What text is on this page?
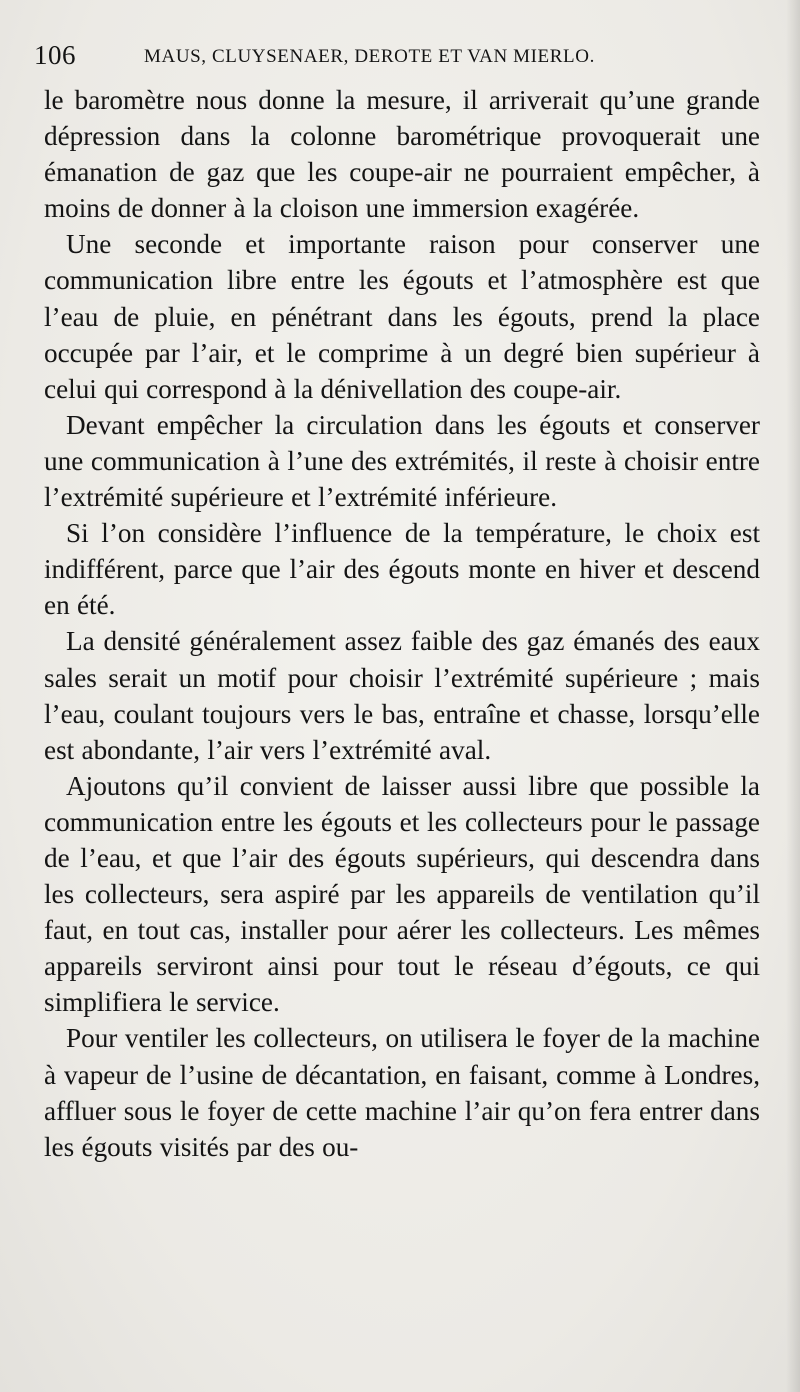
106	MAUS, CLUYSENAER, DEROTE ET VAN MIERLO.

le baromètre nous donne la mesure, il arriverait qu’une grande dépression dans la colonne barométrique provoquerait une émanation de gaz que les coupe-air ne pourraient empêcher, à moins de donner à la cloison une immersion exagérée.

Une seconde et importante raison pour conserver une communication libre entre les égouts et l’atmosphère est que l’eau de pluie, en pénétrant dans les égouts, prend la place occupée par l’air, et le comprime à un degré bien supérieur à celui qui correspond à la dénivellation des coupe-air.

Devant empêcher la circulation dans les égouts et conserver une communication à l’une des extrémités, il reste à choisir entre l’extrémité supérieure et l’extrémité inférieure.

Si l’on considère l’influence de la température, le choix est indifférent, parce que l’air des égouts monte en hiver et descend en été.

La densité généralement assez faible des gaz émanés des eaux sales serait un motif pour choisir l’extrémité supérieure ; mais l’eau, coulant toujours vers le bas, entraîne et chasse, lorsqu’elle est abondante, l’air vers l’extrémité aval.

Ajoutons qu’il convient de laisser aussi libre que possible la communication entre les égouts et les collecteurs pour le passage de l’eau, et que l’air des égouts supérieurs, qui descendra dans les collecteurs, sera aspiré par les appareils de ventilation qu’il faut, en tout cas, installer pour aérer les collecteurs. Les mêmes appareils serviront ainsi pour tout le réseau d’égouts, ce qui simplifiera le service.

Pour ventiler les collecteurs, on utilisera le foyer de la machine à vapeur de l’usine de décantation, en faisant, comme à Londres, affluer sous le foyer de cette machine l’air qu’on fera entrer dans les égouts visités par des ou-
